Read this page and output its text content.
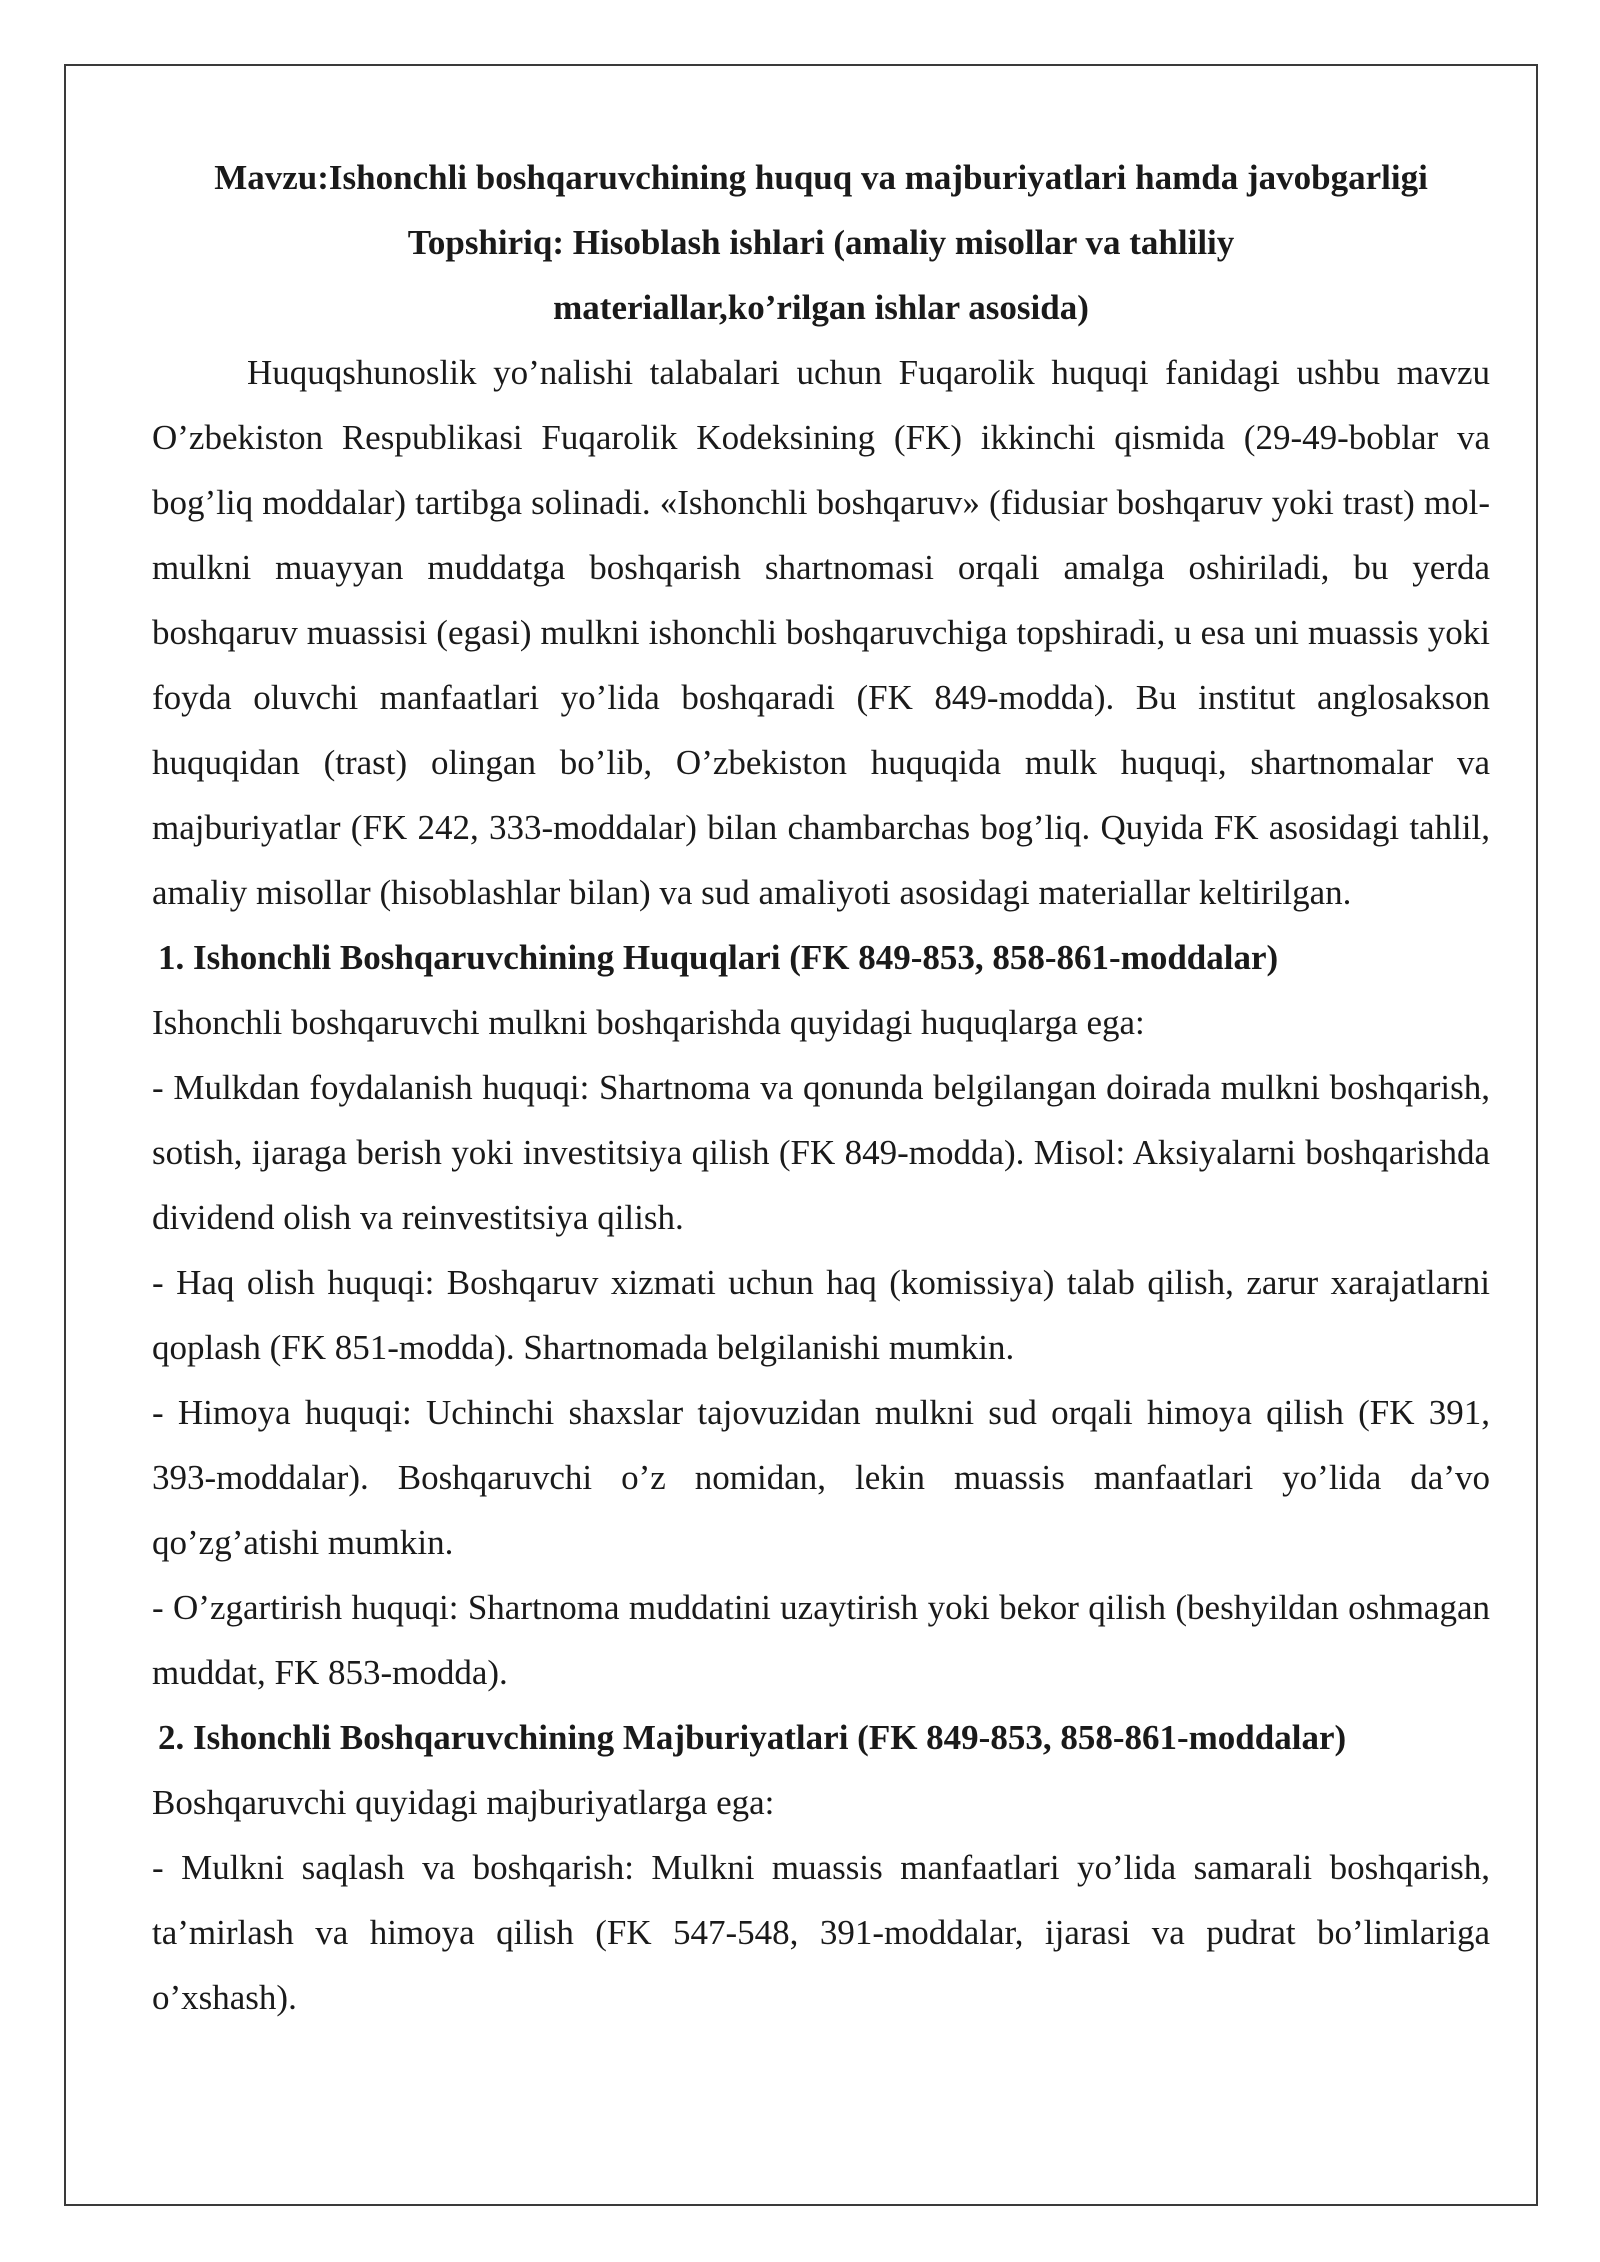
Mavzu:Ishonchli boshqaruvchining huquq va majburiyatlari hamda javobgarligi
Topshiriq: Hisoblash ishlari (amaliy misollar va tahliliy materiallar,ko’rilgan ishlar asosida)

Huquqshunoslik yo’nalishi talabalari uchun Fuqarolik huquqi fanidagi ushbu mavzu O’zbekiston Respublikasi Fuqarolik Kodeksining (FK) ikkinchi qismida (29-49-boblar va bog’liq moddalar) tartibga solinadi. «Ishonchli boshqaruv» (fidusiar boshqaruv yoki trast) mol-mulkni muayyan muddatga boshqarish shartnomasi orqali amalga oshiriladi, bu yerda boshqaruv muassisi (egasi) mulkni ishonchli boshqaruvchiga topshiradi, u esa uni muassis yoki foyda oluvchi manfaatlari yo’lida boshqaradi (FK 849-modda). Bu institut anglosakson huquqidan (trast) olingan bo’lib, O’zbekiston huquqida mulk huquqi, shartnomalar va majburiyatlar (FK 242, 333-moddalar) bilan chambarchas bog’liq. Quyida FK asosidagi tahlil, amaliy misollar (hisoblashlar bilan) va sud amaliyoti asosidagi materiallar keltirilgan.

1. Ishonchli Boshqaruvchining Huquqlari (FK 849-853, 858-861-moddalar)

Ishonchli boshqaruvchi mulkni boshqarishda quyidagi huquqlarga ega:

- Mulkdan foydalanish huquqi: Shartnoma va qonunda belgilangan doirada mulkni boshqarish, sotish, ijaraga berish yoki investitsiya qilish (FK 849-modda). Misol: Aksiyalarni boshqarishda dividend olish va reinvestitsiya qilish.

- Haq olish huquqi: Boshqaruv xizmati uchun haq (komissiya) talab qilish, zarur xarajatlarni qoplash (FK 851-modda). Shartnomada belgilanishi mumkin.

- Himoya huquqi: Uchinchi shaxslar tajovuzidan mulkni sud orqali himoya qilish (FK 391, 393-moddalar). Boshqaruvchi o’z nomidan, lekin muassis manfaatlari yo’lida da’vo qo’zg’atishi mumkin.

- O’zgartirish huquqi: Shartnoma muddatini uzaytirish yoki bekor qilish (beshyildan oshmagan muddat, FK 853-modda).

2. Ishonchli Boshqaruvchining Majburiyatlari (FK 849-853, 858-861-moddalar)

Boshqaruvchi quyidagi majburiyatlarga ega:

- Mulkni saqlash va boshqarish: Mulkni muassis manfaatlari yo’lida samarali boshqarish, ta’mirlash va himoya qilish (FK 547-548, 391-moddalar, ijarasi va pudrat bo’limlariga o’xshash).
